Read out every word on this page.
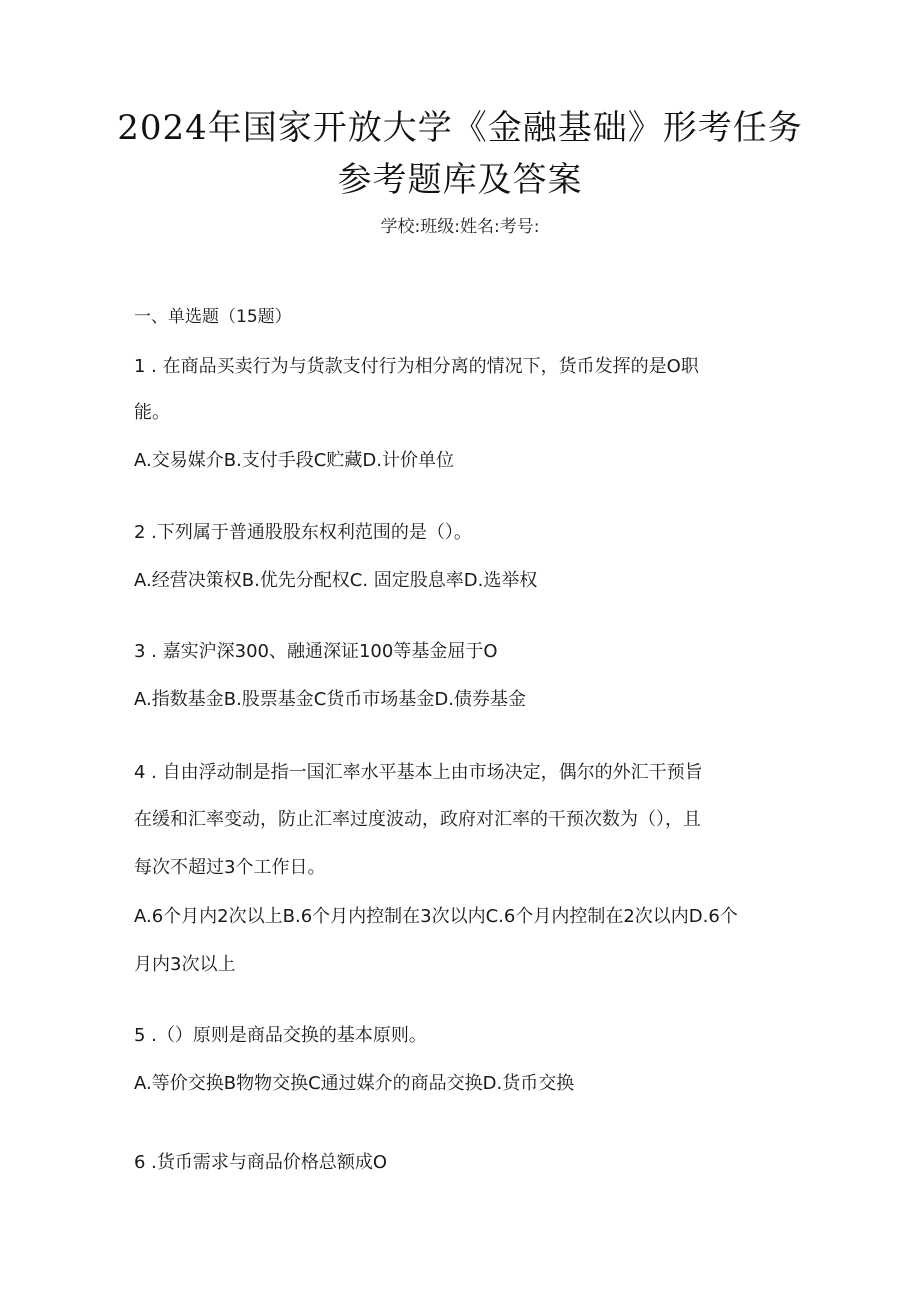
2024年国家开放大学《金融基础》形考任务
参考题库及答案
学校:班级:姓名:考号:
一、单选题（15题）
1 . 在商品买卖行为与货款支付行为相分离的情况下，货币发挥的是O职
能。
A.交易媒介B.支付手段C贮藏D.计价单位
2 .下列属于普通股股东权利范围的是（）。
A.经营决策权B.优先分配权C. 固定股息率D.选举权
3 . 嘉实沪深300、融通深证100等基金屈于O
A.指数基金B.股票基金C货币市场基金D.债券基金
4 . 自由浮动制是指一国汇率水平基本上由市场决定，偶尔的外汇干预旨
在缓和汇率变动，防止汇率过度波动，政府对汇率的干预次数为（），且
每次不超过3个工作日。
A.6个月内2次以上B.6个月内控制在3次以内C.6个月内控制在2次以内D.6个
月内3次以上
5 .（）原则是商品交换的基本原则。
A.等价交换B物物交换C通过媒介的商品交换D.货币交换
6 .货币需求与商品价格总额成O
